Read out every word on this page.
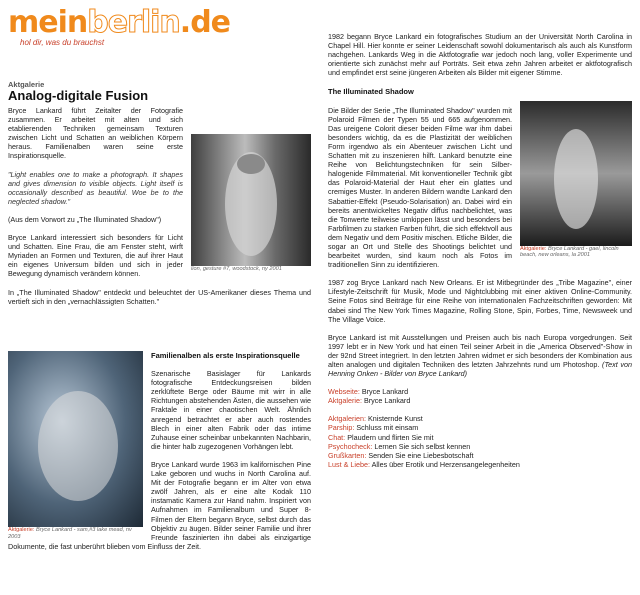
meinberlin.de
hol dir, was du brauchst
Aktgalerie
Analog-digitale Fusion
lion, gesture #7, woodstock, ny 2001

Bryce Lankard führt Zeitalter der Fotografie zusammen. Er arbeitet mit alten und sich etablierenden Techniken gemeinsam Texturen zwischen Licht und Schatten an weiblichen Körpern heraus. Familienalben waren seine erste Inspirationsquelle.

"Light enables one to make a photograph. It shapes and gives dimension to visible objects. Light itself is occasionally described as beautiful. Woe be to the neglected shadow."

(Aus dem Vorwort zu „The Illuminated Shadow")

Bryce Lankard interessiert sich besonders für Licht und Schatten. Eine Frau, die am Fenster steht, wirft Myriaden an Formen und Texturen, die auf ihrer Haut ein eigenes Universum bilden und sich in jeder Bewegung dynamisch verändern können.

In „The Illuminated Shadow" entdeckt und beleuchtet der US-Amerikaner dieses Thema und vertieft sich in den „vernachlässigten Schatten."

Aktgalerie: Bryce Lankard - sam,#3 lake mead, nv 2003
Familienalben als erste Inspirationsquelle

Szenarische Basislager für Lankards fotografische Entdeckungsreisen bilden zerklüftete Berge oder Bäume mit wirr in alle Richtungen abstehenden Ästen, die aussehen wie Fraktale in einer chaotischen Welt. Ähnlich anregend betrachtet er aber auch rostendes Blech in einer alten Fabrik oder das intime Zuhause einer scheinbar unbekannten Nachbarin, die hinter halb zugezogenen Vorhängen lebt.

Bryce Lankard wurde 1963 im kalifornischen Pine Lake geboren und wuchs in North Carolina auf. Mit der Fotografie begann er im Alter von etwa zwölf Jahren, als er eine alte Kodak 110 instamatic Kamera zur Hand nahm. Inspiriert von Aufnahmen im Familienalbum und Super 8-Filmen der Eltern begann Bryce, selbst durch das Objektiv zu äugen. Bilder seiner Familie und ihrer Freunde faszinierten ihn dabei als einzigartige Dokumente, die fast unberührt blieben vom Einfluss der Zeit.

1982 begann Bryce Lankard ein fotografisches Studium an der Universität North Carolina in Chapel Hill. Hier konnte er seiner Leidenschaft sowohl dokumentarisch als auch als Kunstform nachgehen. Lankards Weg in die Aktfotografie war jedoch noch lang, voller Experimente und orientierte sich zunächst mehr auf Porträts. Seit etwa zehn Jahren arbeitet er aktfotografisch und empfindet erst seine jüngeren Arbeiten als Bilder mit eigener Stimme.

The Illuminated Shadow
Aktgalerie: Bryce Lankard - gael, lincoln beach, new orleans, la 2001

Die Bilder der Serie „The Illuminated Shadow" wurden mit Polaroid Filmen der Typen 55 und 665 aufgenommen. Das ureigene Colorit dieser beiden Filme war ihm dabei besonders wichtig, da es die Plastizität der weiblichen Form irgendwo als ein Abenteuer zwischen Licht und Schatten mit zu inszenieren hilft. Lankard benutzte eine Reihe von Belichtungstechniken für sein Silber-halogenide Filmmaterial. Mit konventioneller Technik gibt das Polaroid-Material der Haut eher ein glattes und cremiges Muster. In anderen Bildern wandte Lankard den Sabattier-Effekt (Pseudo-Solarisation) an. Dabei wird ein bereits anentwickeltes Negativ diffus nachbelichtet, was die Tonwerte teilweise umkippen lässt und besonders bei Farbfilmen zu starken Farben führt, die sich effektvoll aus dem Negativ und dem Positiv mischen. Etliche Bilder, die sogar an Ort und Stelle des Shootings belichtet und bearbeitet wurden, sind kaum noch als Fotos im traditionellen Sinn zu identifizieren.

1987 zog Bryce Lankard nach New Orleans. Er ist Mitbegründer des „Tribe Magazine", einer Lifestyle-Zeitschrift für Musik, Mode und Nightclubbing mit einer aktiven Online-Community. Seine Fotos sind Beiträge für eine Reihe von internationalen Fachzeitschriften geworden: Mit dabei sind The New York Times Magazine, Rolling Stone, Spin, Forbes, Time, Newsweek und The Village Voice.

Bryce Lankard ist mit Ausstellungen und Preisen auch bis nach Europa vorgedrungen. Seit 1997 lebt er in New York und hat einen Teil seiner Arbeit in die „America Observed"-Show in der 92nd Street integriert. In den letzten Jahren widmet er sich besonders der Kombination aus alten analogen und digitalen Techniken des letzten Jahrzehnts rund um Photoshop. (Text von Henning Onken - Bilder von Bryce Lankard)

Webseite: Bryce Lankard
Aktgalerie: Bryce Lankard
Aktgalerien: Knisternde Kunst
Parship: Schluss mit einsam
Chat: Plaudern und flirten Sie mit
Psychocheck: Lernen Sie sich selbst kennen
Grußkarten: Senden Sie eine Liebesbotschaft
Lust & Liebe: Alles über Erotik und Herzensangelegenheiten
